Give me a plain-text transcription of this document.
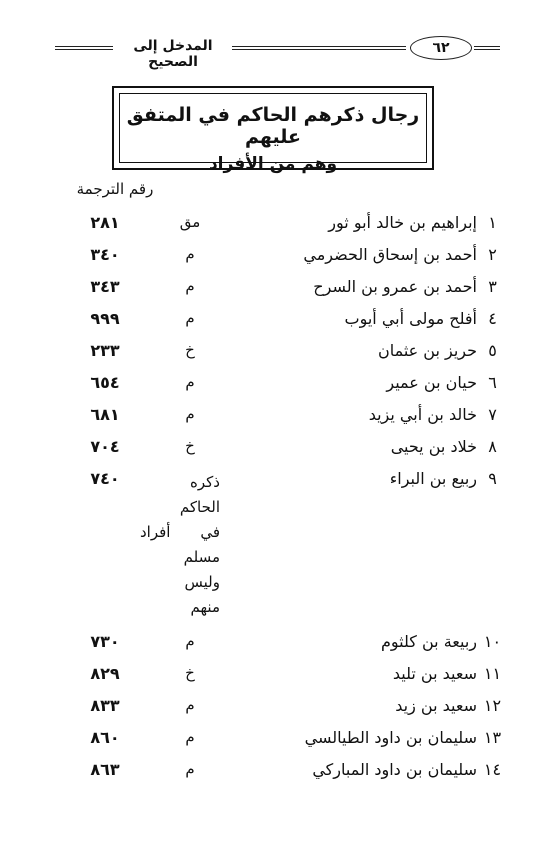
المدخل إلى الصحيح
٦٢
رجال ذكرهم الحاكم في المتفق عليهم
وهم من الأفراد
رقم الترجمة
١
إبراهيم بن خالد أبو ثور
مق
٢٨١
٢
أحمد بن إسحاق الحضرمي
م
٣٤٠
٣
أحمد بن عمرو بن السرح
م
٣٤٣
٤
أفلح مولى أبي أيوب
م
٩٩٩
٥
حريز بن عثمان
خ
٢٣٣
٦
حيان بن عمير
م
٦٥٤
٧
خالد بن أبي يزيد
م
٦٨١
٨
خلاد بن يحيى
خ
٧٠٤
٩
ربيع بن البراء
٧٤٠	ذكره
الحاكم
في أفراد
مسلم
وليس
منهم
١٠
ربيعة بن كلثوم
م
٧٣٠
١١
سعيد بن تليد
خ
٨٢٩
١٢
سعيد بن زيد
م
٨٣٣
١٣
سليمان بن داود الطيالسي
م
٨٦٠
١٤
سليمان بن داود المباركي
م
٨٦٣
